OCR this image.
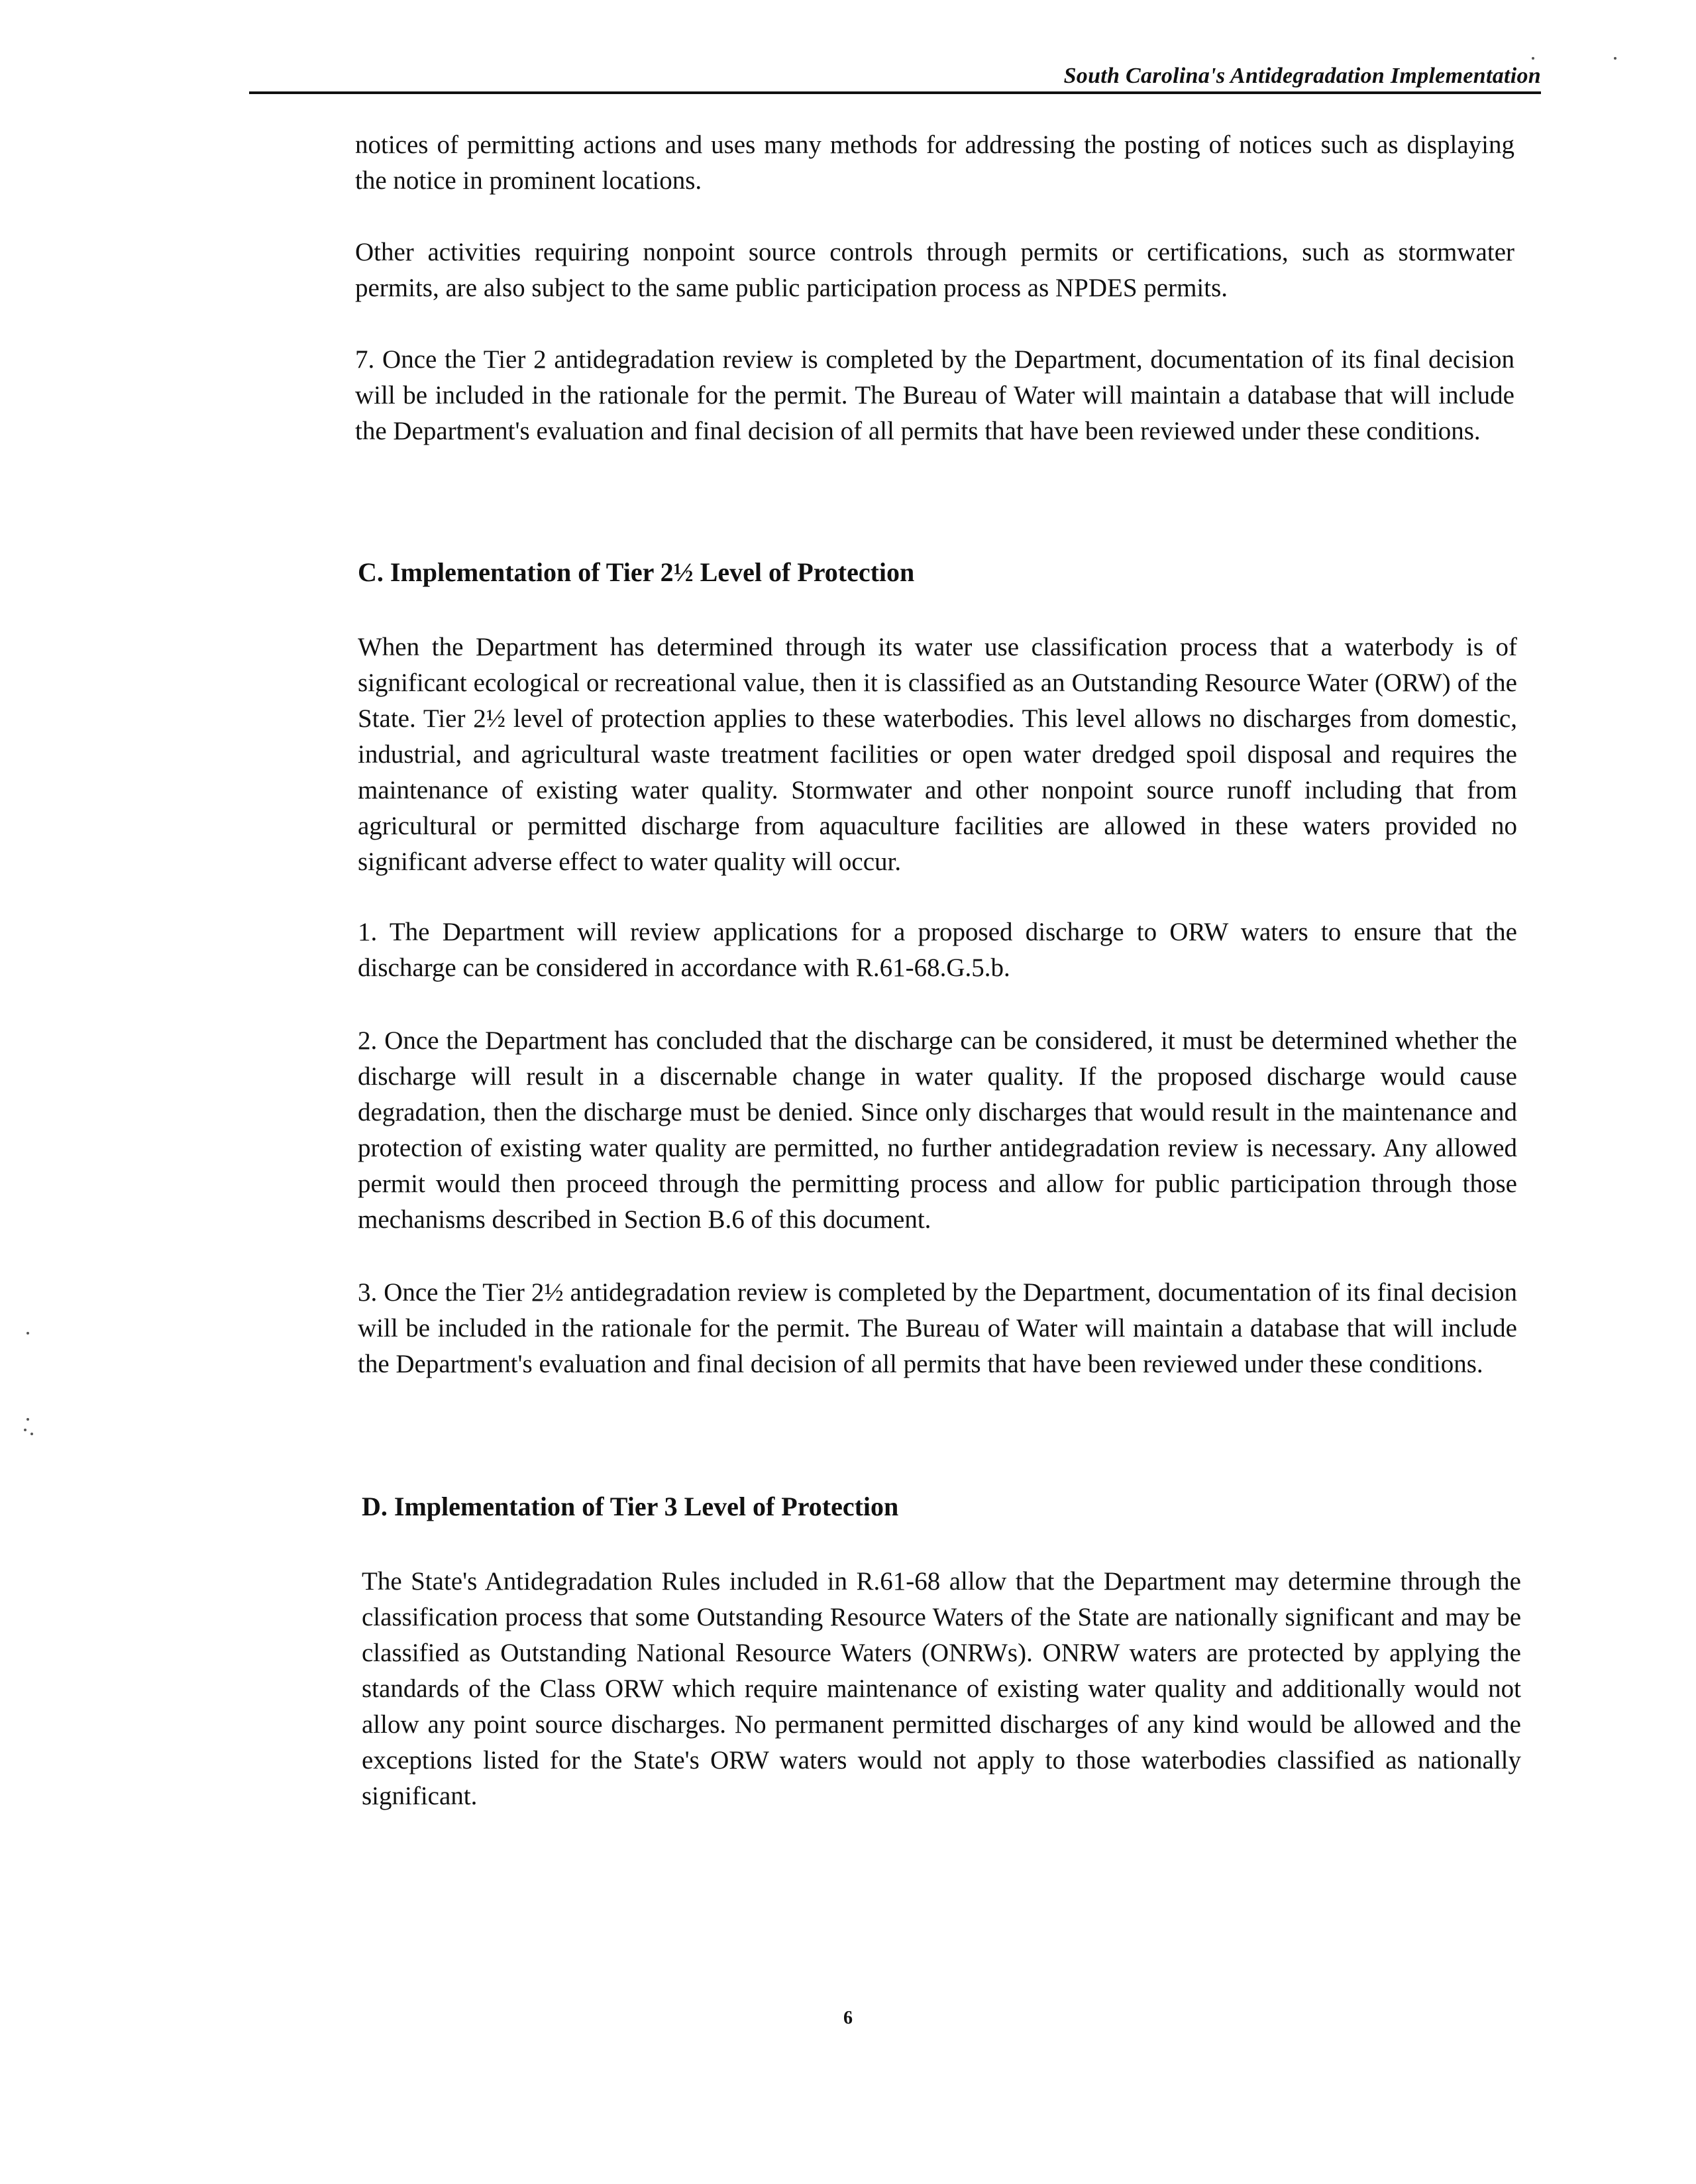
South Carolina's Antidegradation Implementation

notices of permitting actions and uses many methods for addressing the posting of notices such as displaying the notice in prominent locations.

Other activities requiring nonpoint source controls through permits or certifications, such as stormwater permits, are also subject to the same public participation process as NPDES permits.

7. Once the Tier 2 antidegradation review is completed by the Department, documentation of its final decision will be included in the rationale for the permit. The Bureau of Water will maintain a database that will include the Department's evaluation and final decision of all permits that have been reviewed under these conditions.

C. Implementation of Tier 2½ Level of Protection

When the Department has determined through its water use classification process that a waterbody is of significant ecological or recreational value, then it is classified as an Outstanding Resource Water (ORW) of the State. Tier 2½ level of protection applies to these waterbodies. This level allows no discharges from domestic, industrial, and agricultural waste treatment facilities or open water dredged spoil disposal and requires the maintenance of existing water quality. Stormwater and other nonpoint source runoff including that from agricultural or permitted discharge from aquaculture facilities are allowed in these waters provided no significant adverse effect to water quality will occur.

1. The Department will review applications for a proposed discharge to ORW waters to ensure that the discharge can be considered in accordance with R.61-68.G.5.b.

2. Once the Department has concluded that the discharge can be considered, it must be determined whether the discharge will result in a discernable change in water quality. If the proposed discharge would cause degradation, then the discharge must be denied. Since only discharges that would result in the maintenance and protection of existing water quality are permitted, no further antidegradation review is necessary. Any allowed permit would then proceed through the permitting process and allow for public participation through those mechanisms described in Section B.6 of this document.

3. Once the Tier 2½ antidegradation review is completed by the Department, documentation of its final decision will be included in the rationale for the permit. The Bureau of Water will maintain a database that will include the Department's evaluation and final decision of all permits that have been reviewed under these conditions.

D. Implementation of Tier 3 Level of Protection

The State's Antidegradation Rules included in R.61-68 allow that the Department may determine through the classification process that some Outstanding Resource Waters of the State are nationally significant and may be classified as Outstanding National Resource Waters (ONRWs). ONRW waters are protected by applying the standards of the Class ORW which require maintenance of existing water quality and additionally would not allow any point source discharges. No permanent permitted discharges of any kind would be allowed and the exceptions listed for the State's ORW waters would not apply to those waterbodies classified as nationally significant.

6
